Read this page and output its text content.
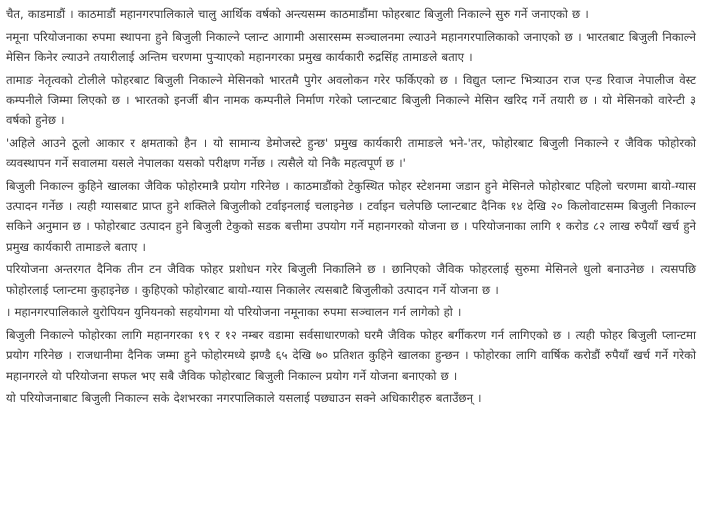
चैत, काडमाडौं । काठमाडौं महानगरपालिकाले चालु आर्थिक वर्षको अन्त्यसम्म काठमाडौंमा फोहरबाट बिजुली निकाल्ने सुरु गर्ने जनाएको छ ।

नमूना परियोजनाका रुपमा स्थापना हुने बिजुली निकाल्ने प्लान्ट आगामी असारसम्म सञ्चालनमा ल्याउने महानगरपालिकाको जनाएको छ । भारतबाट बिजुली निकाल्ने मेसिन किनेर ल्याउने तयारीलाई अन्तिम चरणमा पुर्‍याएको महानगरका प्रमुख कार्यकारी रुद्रसिंह तामाङले बताए ।

तामाङ नेतृत्वको टोलीले फोहरबाट बिजुली निकाल्ने मेसिनको भारतमै पुगेर अवलोकन गरेर फर्किएको छ । विद्युत प्लान्ट भित्र्याउन राज एन्ड रिवाज नेपालीज वेस्ट कम्पनीले जिम्मा लिएको छ । भारतको इनर्जी बीन नामक कम्पनीले निर्माण गरेको प्लान्टबाट बिजुली निकाल्ने मेसिन खरिद गर्ने तयारी छ । यो मेसिनको वारेन्टी ३ वर्षको हुनेछ ।

'अहिले आउने ठूलो आकार र क्षमताको हैन । यो सामान्य डेमोजस्टे हुन्छ' प्रमुख कार्यकारी तामाङले भने-'तर, फोहोरबाट बिजुली निकाल्ने र जैविक फोहोरको व्यवस्थापन गर्ने सवालमा यसले नेपालका यसको परीक्षण गर्नेछ । त्यसैले यो निकै महत्वपूर्ण छ ।'

बिजुली निकाल्न कुहिने खालका जैविक फोहोरमात्रै प्रयोग गरिनेछ । काठमाडौंको टेकुस्थित फोहर स्टेशनमा जडान हुने मेसिनले फोहोरबाट पहिलो चरणमा बायो-ग्यास उत्पादन गर्नेछ । त्यही ग्यासबाट प्राप्त हुने शक्तिले बिजुलीको टर्वाइनलाई चलाइनेछ । टर्वाइन चलेपछि प्लान्टबाट दैनिक १४ देखि २० किलोवाटसम्म बिजुली निकाल्न सकिने अनुमान छ । फोहोरबाट उत्पादन हुने बिजुली टेकुको सडक बत्तीमा उपयोग गर्ने महानगरको योजना छ । परियोजनाका लागि १ करोड ८२ लाख रुपैयाँ खर्च हुने प्रमुख कार्यकारी तामाङले बताए ।

परियोजना अन्तरगत दैनिक तीन टन जैविक फोहर प्रशोधन गरेर बिजुली निकालिने छ । छानिएको जैविक फोहरलाई सुरुमा मेसिनले धुलो बनाउनेछ । त्यसपछि फोहोरलाई प्लान्टमा कुहाइनेछ । कुहिएको फोहोरबाट बायो-ग्यास निकालेर त्यसबाटै बिजुलीको उत्पादन गर्ने योजना छ ।

। महानगरपालिकाले युरोपियन युनियनको सहयोगमा यो परियोजना नमूनाका रुपमा सञ्चालन गर्न लागेको हो ।

बिजुली निकाल्ने फोहोरका लागि महानगरका १९ र १२ नम्बर वडामा सर्वसाधारणको घरमै जैविक फोहर बर्गीकरण गर्न लागिएको छ । त्यही फोहर बिजुली प्लान्टमा प्रयोग गरिनेछ । राजधानीमा दैनिक जम्मा हुने फोहोरमध्ये झण्डै ६५ देखि ७० प्रतिशत कुहिने खालका हुन्छन । फोहोरका लागि वार्षिक करोडौं रुपैयाँ खर्च गर्ने गरेको महानगरले यो परियोजना सफल भए सबै जैविक फोहोरबाट बिजुली निकाल्न प्रयोग गर्ने योजना बनाएको छ ।

यो परियोजनाबाट बिजुली निकाल्न सके देशभरका नगरपालिकाले यसलाई पछ्याउन सक्ने अधिकारीहरु बताउँछन् ।
